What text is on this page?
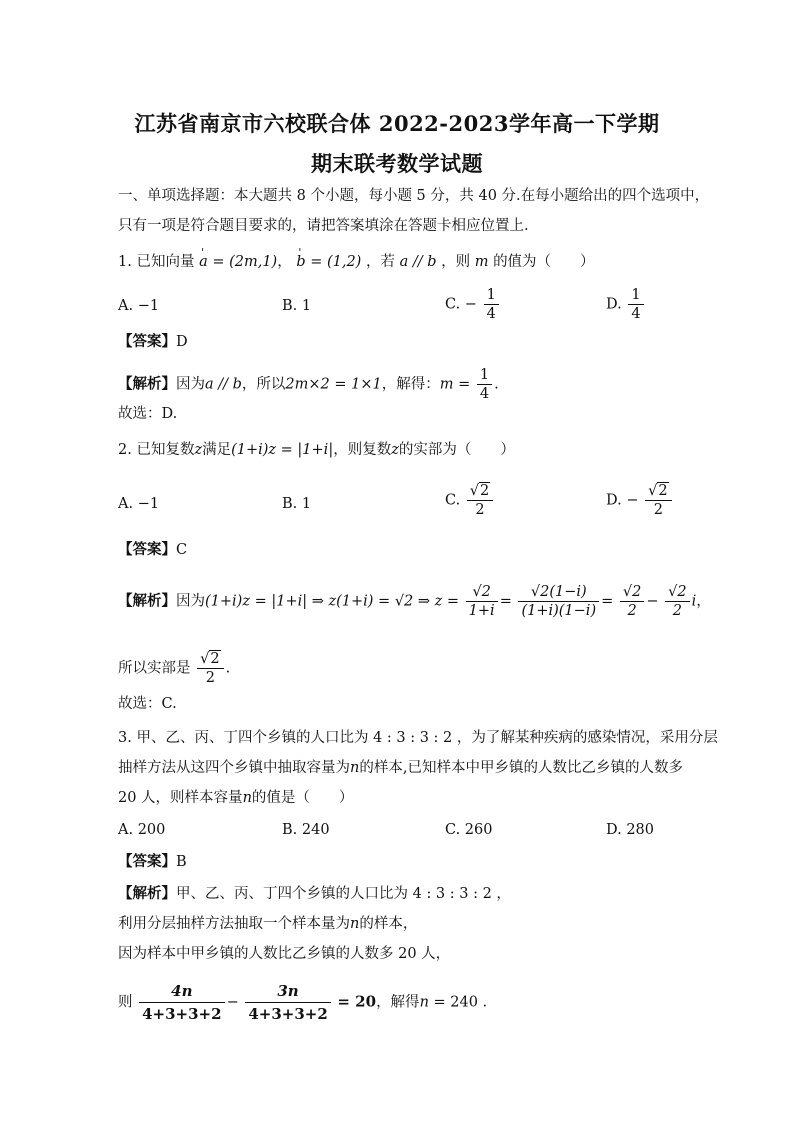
江苏省南京市六校联合体 2022-2023学年高一下学期
期末联考数学试题
一、单项选择题：本大题共 8 个小题，每小题 5 分，共 40 分.在每小题给出的四个选项中，
只有一项是符合题目要求的，请把答案填涂在答题卡相应位置上.
1. 已知向量 ' a = (2m,1)， ' b = (1,2) ，若 a // b ，则 m 的值为（　　）
A. −1	B. 1	C. − $\frac{1}{4}$	D. $\frac{1}{4}$
【答案】D
【解析】因为a // b，所以2m×2 = 1×1，解得：$m = \frac{1}{4}$ .
故选：D.
2. 已知复数z满足(1+i)z = |1+i|，则复数z的实部为（　　）
A. −1	B. 1	C. $\frac{√2}{2}$	D. − $\frac{√2}{2}$
【答案】C
【解析】因为(1+i)z = |1+i| ⇒ z(1+i) = √2 ⇒ $z = \frac{√2}{1+i} = \frac{√2(1-i)}{(1+i)(1-i)} = \frac{√2}{2} - \frac{√2}{2}$ i，
所以实部是 $\frac{√2}{2}$ .
故选：C.
3. 甲、乙、丙、丁四个乡镇的人口比为 4 : 3 : 3 : 2 ，为了解某种疾病的感染情况，采用分层
抽样方法从这四个乡镇中抽取容量为n的样本,已知样本中甲乡镇的人数比乙乡镇的人数多
20 人，则样本容量n的值是（　　）
A. 200	B. 240	C. 260	D. 280
【答案】B
【解析】甲、乙、丙、丁四个乡镇的人口比为 4 : 3 : 3 : 2 ，
利用分层抽样方法抽取一个样本量为n的样本，
因为样本中甲乡镇的人数比乙乡镇的人数多 20 人，
则 $\frac{4n}{4+3+3+2} - \frac{3n}{4+3+3+2} = 20$，解得n = 240 .
